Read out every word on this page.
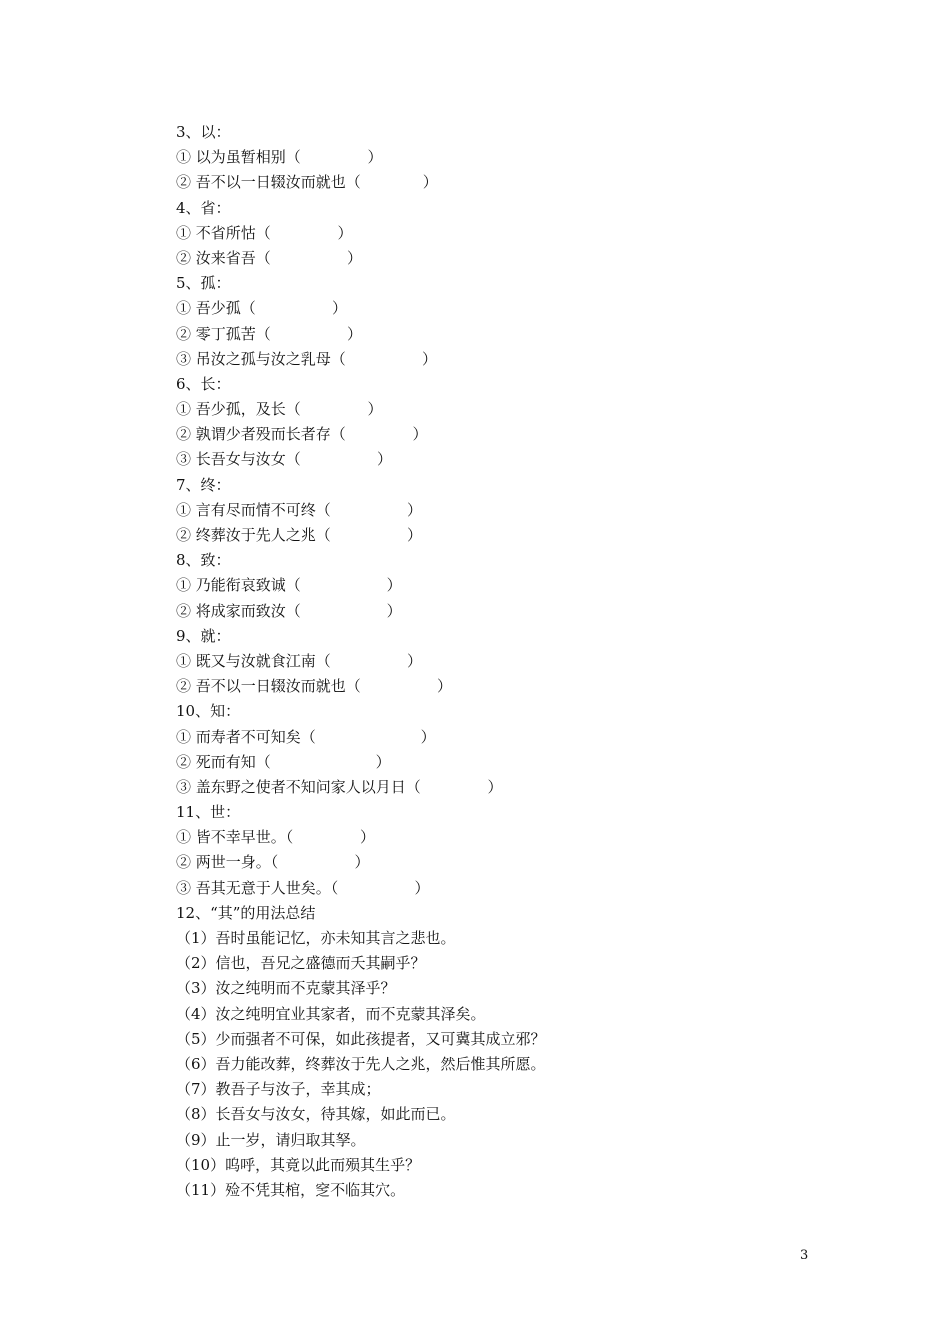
3、以：
① 以为虽暂相别（              ）
② 吾不以一日辍汝而就也（             ）
4、省：
① 不省所怙（              ）
② 汝来省吾（                ）
5、孤：
① 吾少孤（                ）
② 零丁孤苦（                ）
③ 吊汝之孤与汝之乳母（                ）
6、长：
① 吾少孤，及长（              ）
② 孰谓少者殁而长者存（              ）
③ 长吾女与汝女（                ）
7、终：
① 言有尽而情不可终（                ）
② 终葬汝于先人之兆（                ）
8、致：
① 乃能衔哀致诚（                  ）
② 将成家而致汝（                  ）
9、就：
① 既又与汝就食江南（                ）
② 吾不以一日辍汝而就也（                ）
10、知：
① 而寿者不可知矣（                      ）
② 死而有知（                      ）
③ 盖东野之使者不知问家人以月日（              ）
11、世：
① 皆不幸早世。（              ）
② 两世一身。（                ）
③ 吾其无意于人世矣。（                ）
12、“其”的用法总结
（1）吾时虽能记忆，亦未知其言之悲也。
（2）信也，吾兄之盛德而夭其嗣乎？
（3）汝之纯明而不克蒙其泽乎？
（4）汝之纯明宜业其家者，而不克蒙其泽矣。
（5）少而强者不可保，如此孩提者，又可冀其成立邪？
（6）吾力能改葬，终葬汝于先人之兆，然后惟其所愿。
（7）教吾子与汝子，幸其成；
（8）长吾女与汝女，待其嫁，如此而已。
（9）止一岁，请归取其孥。
（10）呜呼，其竟以此而殒其生乎？
（11）殓不凭其棺，窆不临其穴。
3
